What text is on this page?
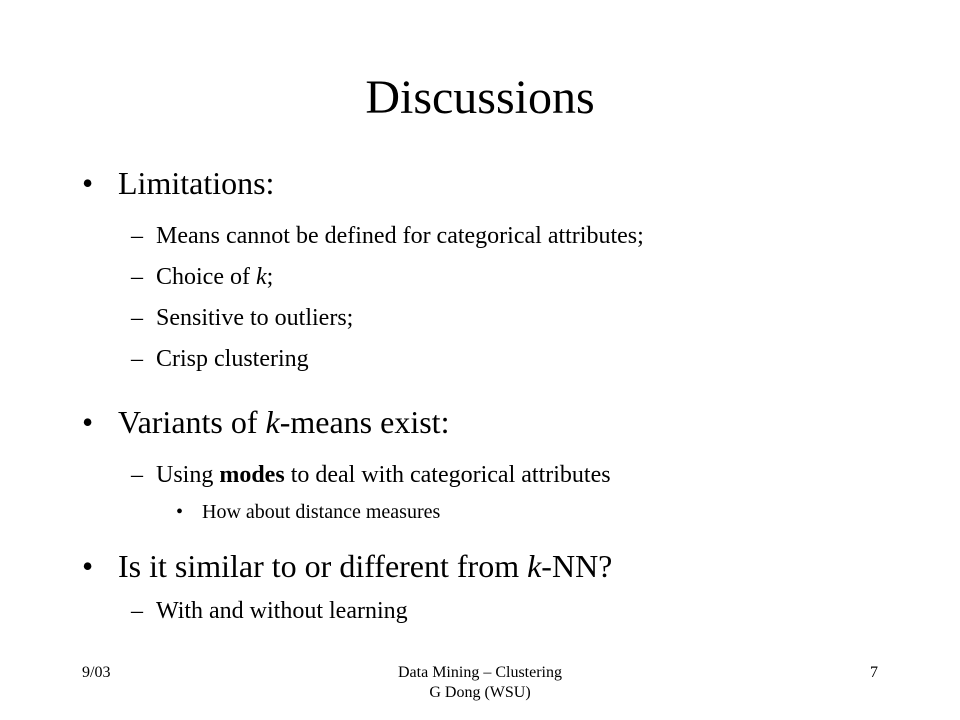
Discussions
• Limitations:
– Means cannot be defined for categorical attributes;
– Choice of k;
– Sensitive to outliers;
– Crisp clustering
• Variants of k-means exist:
– Using modes to deal with categorical attributes
• How about distance measures
• Is it similar to or different from k-NN?
– With and without learning
9/03	Data Mining – Clustering
G Dong (WSU)
7
